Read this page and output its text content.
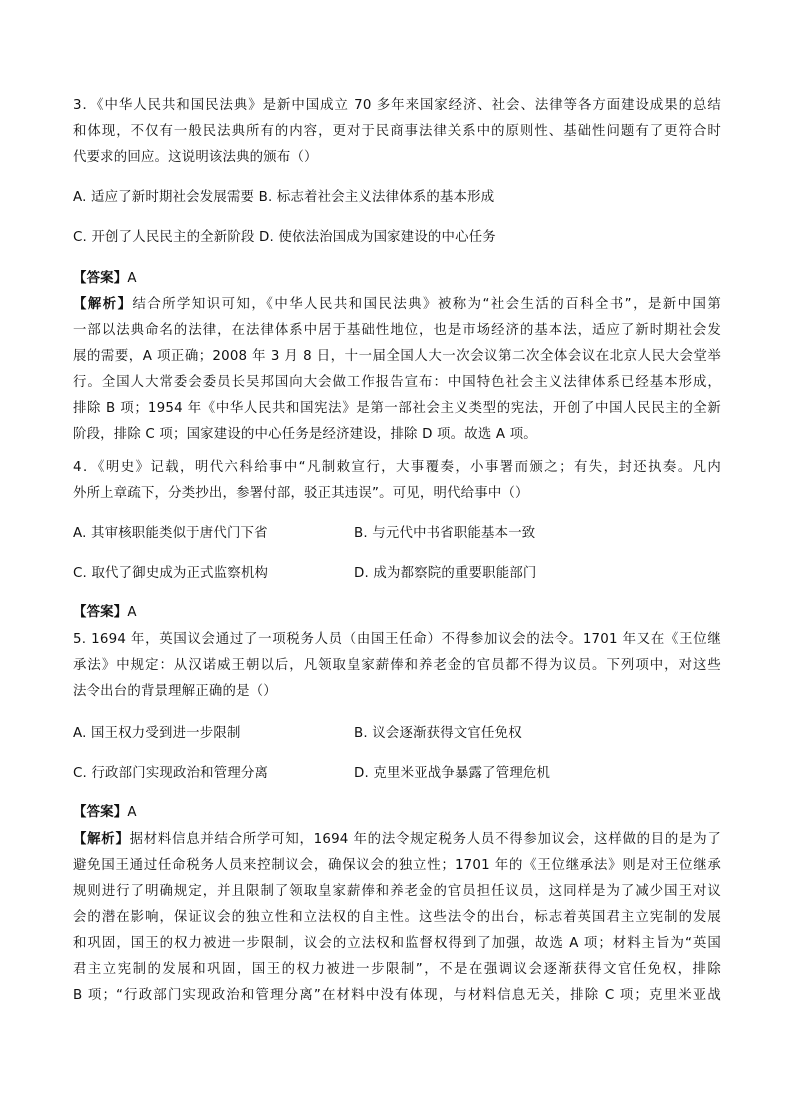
3．《中华人民共和国民法典》是新中国成立 70 多年来国家经济、社会、法律等各方面建设成果的总结
和体现，不仅有一般民法典所有的内容，更对于民商事法律关系中的原则性、基础性问题有了更符合时
代要求的回应。这说明该法典的颁布（）
A. 适应了新时期社会发展需要 B. 标志着社会主义法律体系的基本形成
C. 开创了人民民主的全新阶段 D. 使依法治国成为国家建设的中心任务
【答案】A
【解析】结合所学知识可知，《中华人民共和国民法典》被称为“社会生活的百科全书”，是新中国第
一部以法典命名的法律，在法律体系中居于基础性地位，也是市场经济的基本法，适应了新时期社会发
展的需要，A 项正确；2008 年 3 月 8 日，十一届全国人大一次会议第二次全体会议在北京人民大会堂举
行。全国人大常委会委员长吴邦国向大会做工作报告宣布：中国特色社会主义法律体系已经基本形成，
排除 B 项；1954 年《中华人民共和国宪法》是第一部社会主义类型的宪法，开创了中国人民民主的全新
阶段，排除 C 项；国家建设的中心任务是经济建设，排除 D 项。故选 A 项。
4．《明史》记载，明代六科给事中“凡制敕宣行，大事覆奏，小事署而颁之；有失，封还执奏。凡内
外所上章疏下，分类抄出，参署付部，驳正其违误”。可见，明代给事中（）
A. 其审核职能类似于唐代门下省	B. 与元代中书省职能基本一致
C. 取代了御史成为正式监察机构	D. 成为都察院的重要职能部门
【答案】A
5. 1694 年，英国议会通过了一项税务人员（由国王任命）不得参加议会的法令。1701 年又在《王位继
承法》中规定：从汉诺威王朝以后，凡领取皇家薪俸和养老金的官员都不得为议员。下列项中，对这些
法令出台的背景理解正确的是（）
A. 国王权力受到进一步限制	B. 议会逐渐获得文官任免权
C. 行政部门实现政治和管理分离	D. 克里米亚战争暴露了管理危机
【答案】A
【解析】据材料信息并结合所学可知，1694 年的法令规定税务人员不得参加议会，这样做的目的是为了
避免国王通过任命税务人员来控制议会，确保议会的独立性；1701 年的《王位继承法》则是对王位继承
规则进行了明确规定，并且限制了领取皇家薪俸和养老金的官员担任议员，这同样是为了减少国王对议
会的潜在影响，保证议会的独立性和立法权的自主性。这些法令的出台，标志着英国君主立宪制的发展
和巩固，国王的权力被进一步限制，议会的立法权和监督权得到了加强，故选 A 项；材料主旨为“英国
君主立宪制的发展和巩固，国王的权力被进一步限制”，不是在强调议会逐渐获得文官任免权，排除
B 项；“行政部门实现政治和管理分离”在材料中没有体现，与材料信息无关，排除 C 项；克里米亚战
